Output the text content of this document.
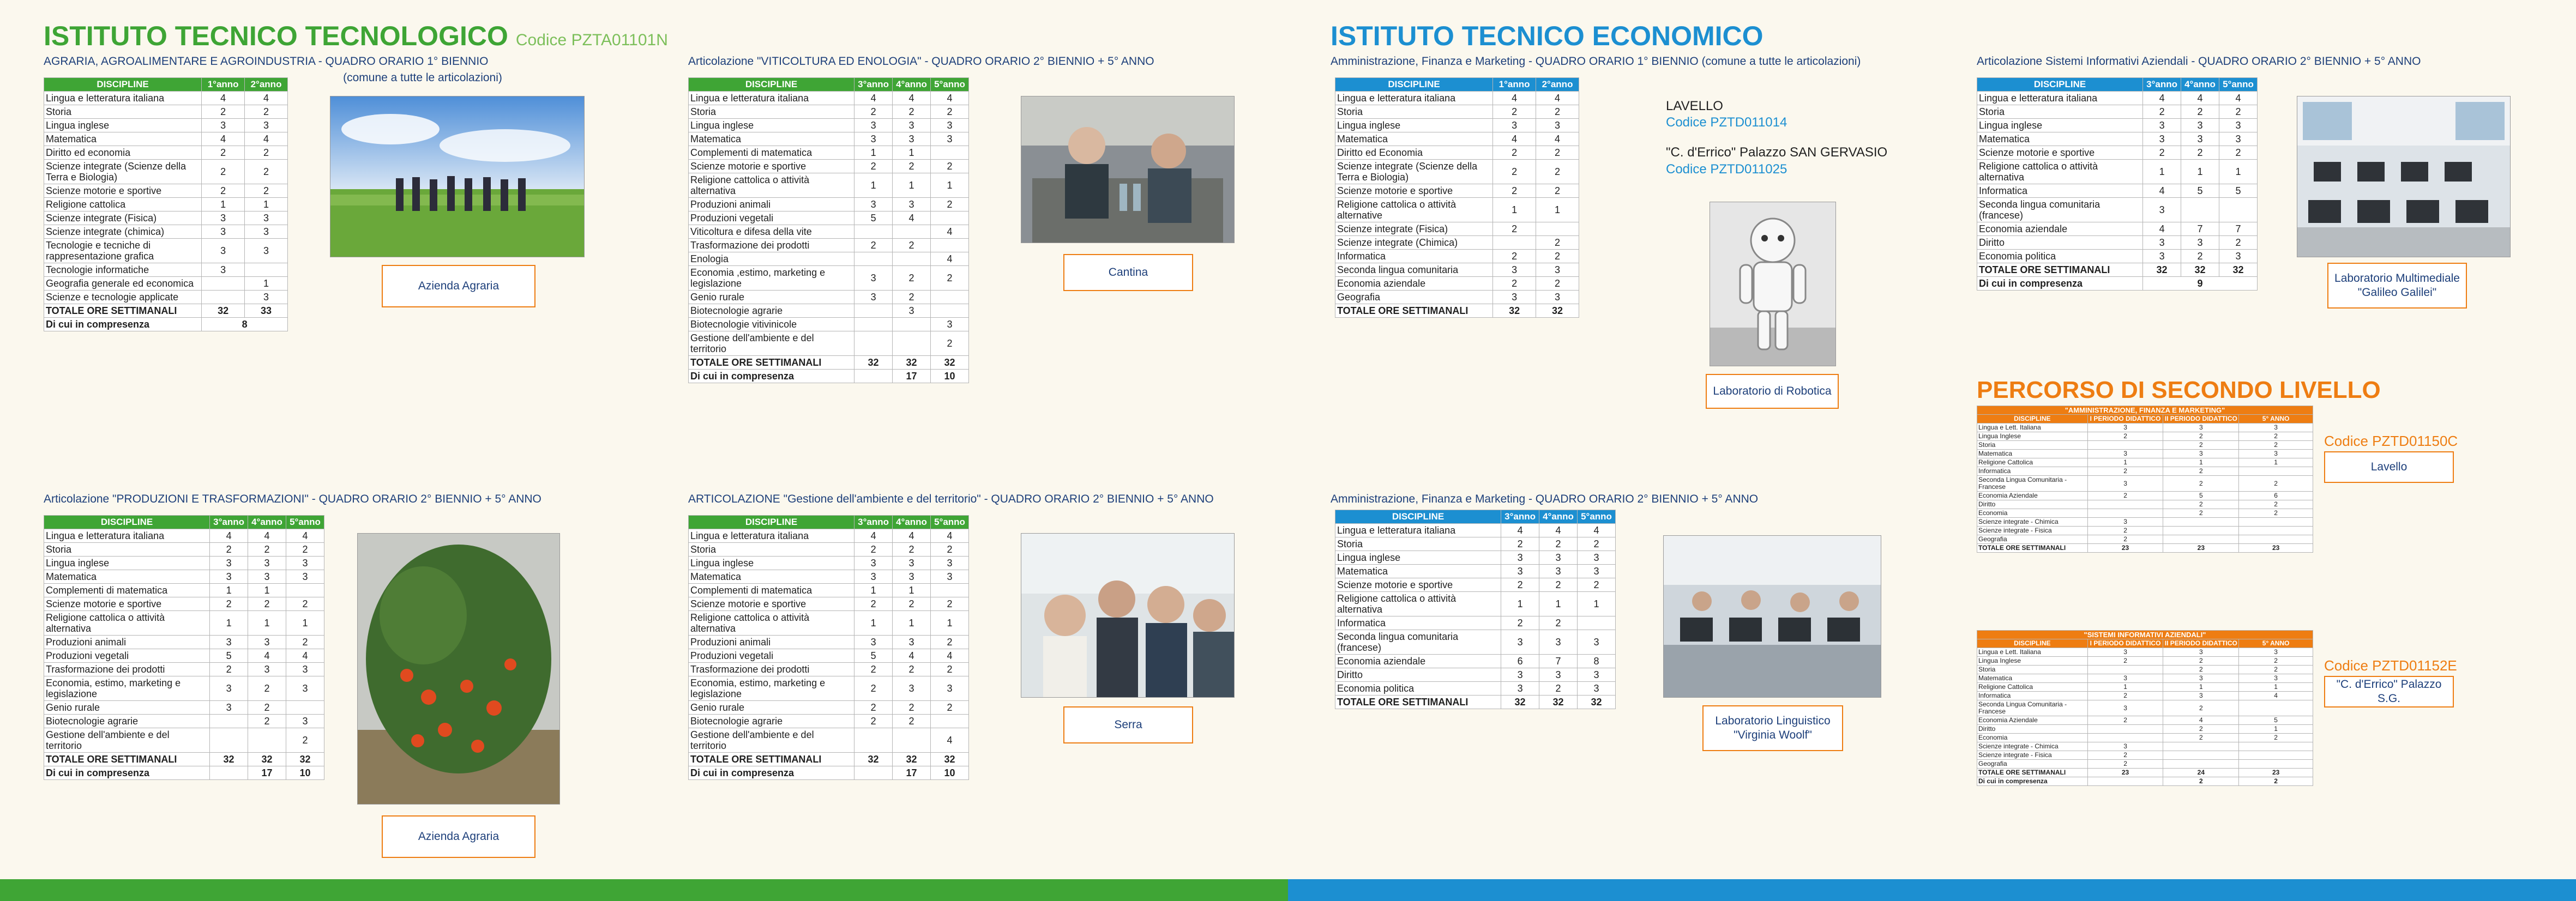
ISTITUTO TECNICO TECNOLOGICO Codice PZTA01101N	ISTITUTO TECNICO ECONOMICO
AGRARIA, AGROALIMENTARE E AGROINDUSTRIA - QUADRO ORARIO 1° BIENNIO
(comune a tutte le articolazioni)
DISCIPLINE	1°anno	2°anno
Lingua e letteratura italiana	4	4
Storia	2	2
Lingua inglese	3	3
Matematica	4	4
Diritto ed economia	2	2
Scienze integrate (Scienze della Terra e Biologia)	2	2
Scienze motorie e sportive	2	2
Religione cattolica	1	1
Scienze integrate (Fisica)	3	3
Scienze integrate (chimica)	3	3
Tecnologie e tecniche di rappresentazione grafica	3	3
Tecnologie informatiche	3	
Geografia generale ed economica		1
Scienze e tecnologie applicate		3
TOTALE ORE SETTIMANALI	32	33
Di cui in compresenza	8	
Azienda Agraria
Articolazione "VITICOLTURA ED ENOLOGIA" - QUADRO ORARIO 2° BIENNIO + 5° ANNO
DISCIPLINE	3°anno	4°anno	5°anno
Lingua e letteratura italiana	4	4	4
Storia	2	2	2
Lingua inglese	3	3	3
Matematica	3	3	3
Complementi di matematica	1	1	
Scienze motorie e sportive	2	2	2
Religione cattolica o attività alternativa	1	1	1
Produzioni animali	3	3	2
Produzioni vegetali	5	4	
Viticoltura e difesa della vite			4
Trasformazione dei prodotti	2	2	
Enologia			4
Economia ,estimo, marketing e legislazione	3	2	2
Genio rurale	3	2	
Biotecnologie agrarie		3	
Biotecnologie vitivinicole			3
Gestione dell'ambiente e del territorio			2
TOTALE ORE SETTIMANALI	32	32	32
Di cui in compresenza		17	10
Cantina
Articolazione "PRODUZIONI E TRASFORMAZIONI" - QUADRO ORARIO 2° BIENNIO + 5° ANNO
DISCIPLINE	3°anno	4°anno	5°anno
Lingua e letteratura italiana	4	4	4
Storia	2	2	2
Lingua inglese	3	3	3
Matematica	3	3	3
Complementi di matematica	1	1	
Scienze motorie e sportive	2	2	2
Religione cattolica o attività alternativa	1	1	1
Produzioni animali	3	3	2
Produzioni vegetali	5	4	4
Trasformazione dei prodotti	2	3	3
Economia, estimo, marketing e legislazione	3	2	3
Genio rurale	3	2	
Biotecnologie agrarie		2	3
Gestione dell'ambiente e del territorio			2
TOTALE ORE SETTIMANALI	32	32	32
Di cui in compresenza		17	10
Azienda Agraria
ARTICOLAZIONE "Gestione dell'ambiente e del territorio" - QUADRO ORARIO 2° BIENNIO + 5° ANNO
DISCIPLINE	3°anno	4°anno	5°anno
Lingua e letteratura italiana	4	4	4
Storia	2	2	2
Lingua inglese	3	3	3
Matematica	3	3	3
Complementi di matematica	1	1	
Scienze motorie e sportive	2	2	2
Religione cattolica o attività alternativa	1	1	1
Produzioni animali	3	3	2
Produzioni vegetali	5	4	4
Trasformazione dei prodotti	2	2	2
Economia, estimo, marketing e legislazione	2	3	3
Genio rurale	2	2	2
Biotecnologie agrarie	2	2	
Gestione dell'ambiente e del territorio			4
TOTALE ORE SETTIMANALI	32	32	32
Di cui in compresenza		17	10
Serra
Amministrazione, Finanza e Marketing - QUADRO ORARIO 1° BIENNIO (comune a tutte le articolazioni)
DISCIPLINE	1°anno	2°anno
Lingua e letteratura italiana	4	4
Storia	2	2
Lingua inglese	3	3
Matematica	4	4
Diritto ed Economia	2	2
Scienze integrate (Scienze della Terra e Biologia)	2	2
Scienze motorie e sportive	2	2
Religione cattolica o attività alternative	1	1
Scienze integrate (Fisica)	2	
Scienze integrate (Chimica)		2
Informatica	2	2
Seconda lingua comunitaria	3	3
Economia aziendale	2	2
Geografia	3	3
TOTALE ORE SETTIMANALI	32	32
LAVELLO
Codice PZTD011014
"C. d'Errico" Palazzo SAN GERVASIO
Codice PZTD011025
Laboratorio di Robotica
Articolazione Sistemi Informativi Aziendali - QUADRO ORARIO 2° BIENNIO + 5° ANNO
DISCIPLINE	3°anno	4°anno	5°anno
Lingua e letteratura italiana	4	4	4
Storia	2	2	2
Lingua inglese	3	3	3
Matematica	3	3	3
Scienze motorie e sportive	2	2	2
Religione cattolica o attività alternativa	1	1	1
Informatica	4	5	5
Seconda lingua comunitaria (francese)	3		
Economia aziendale	4	7	7
Diritto	3	3	2
Economia politica	3	2	3
TOTALE ORE SETTIMANALI	32	32	32
Di cui in compresenza	9			Laboratorio Multimediale "Galileo Galilei"
Amministrazione, Finanza e Marketing - QUADRO ORARIO 2° BIENNIO + 5° ANNO
DISCIPLINE	3°anno	4°anno	5°anno
Lingua e letteratura italiana	4	4	4
Storia	2	2	2
Lingua inglese	3	3	3
Matematica	3	3	3
Scienze motorie e sportive	2	2	2
Religione cattolica o attività alternativa	1	1	1
Informatica	2	2	
Seconda lingua comunitaria (francese)	3	3	3
Economia aziendale	6	7	8
Diritto	3	3	3
Economia politica	3	2	3
TOTALE ORE SETTIMANALI	32	32	32
Laboratorio Linguistico "Virginia Woolf"
PERCORSO DI SECONDO LIVELLO
"AMMINISTRAZIONE, FINANZA E MARKETING"			
DISCIPLINE	I PERIODO DIDATTICO	II PERIODO DIDATTICO	5° ANNO
Lingua e Lett. Italiana	3	3	3
Lingua Inglese	2	2	2
Storia		2	2
Matematica	3	3	3
Religione Cattolica	1	1	1
Informatica	2	2	
Seconda Lingua Comunitaria - Francese	3	2	2
Economia Aziendale	2	5	6
Diritto		2	2
Economia		2	2
Scienze integrate - Chimica	3		
Scienze integrate - Fisica	2		
Geografia	2		
TOTALE ORE SETTIMANALI	23	23	23
"SISTEMI INFORMATIVI AZIENDALI"			
DISCIPLINE	I PERIODO DIDATTICO	II PERIODO DIDATTICO	5° ANNO
Lingua e Lett. Italiana	3	3	3
Lingua Inglese	2	2	2
Storia		2	2
Matematica	3	3	3
Religione Cattolica	1	1	1
Informatica	2	3	4
Seconda Lingua Comunitaria - Francese	3	2	
Economia Aziendale	2	4	5
Diritto		2	1
Economia		2	2
Scienze integrate - Chimica	3		
Scienze integrate - Fisica	2		
Geografia	2		
TOTALE ORE SETTIMANALI	23	24	23
Di cui in compresenza		2	2
Codice PZTD01150C
Lavello
Codice PZTD01152E
"C. d'Errico" Palazzo S.G.
